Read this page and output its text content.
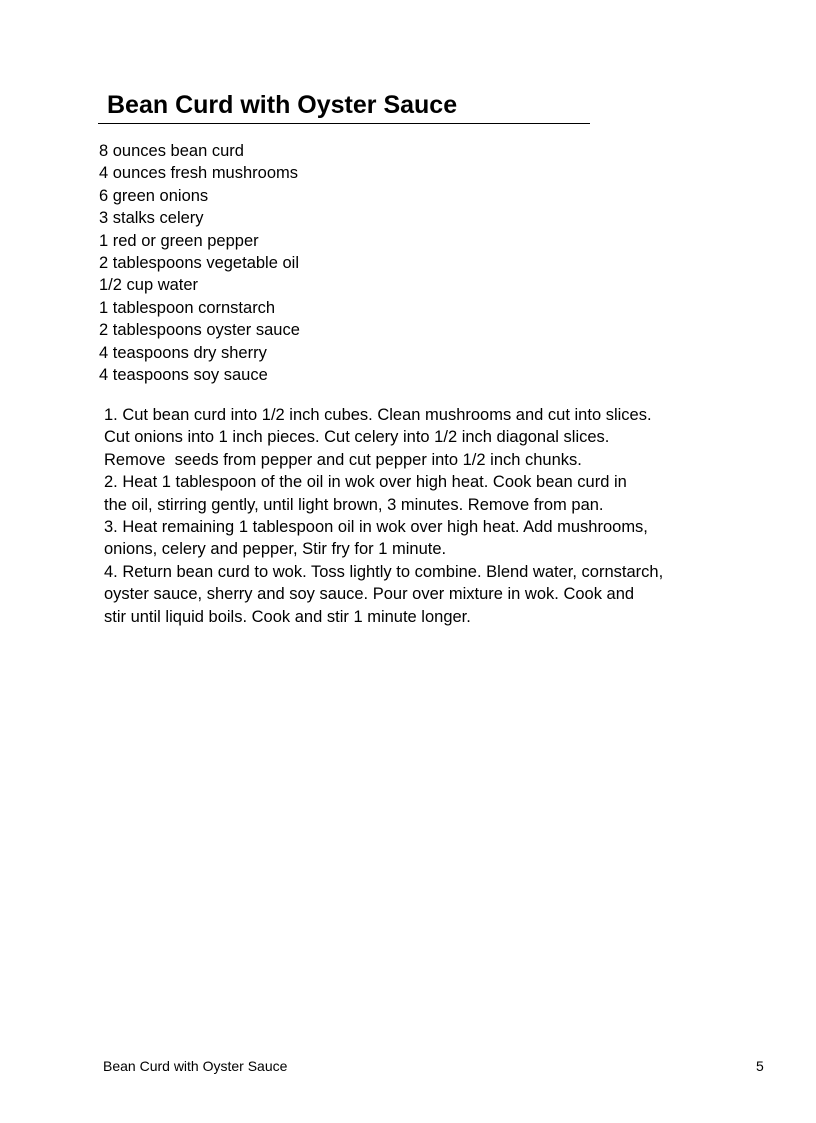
Bean Curd with Oyster Sauce
8 ounces bean curd
4 ounces fresh mushrooms
6 green onions
3 stalks celery
1 red or green pepper
2 tablespoons vegetable oil
1/2 cup water
1 tablespoon cornstarch
2 tablespoons oyster sauce
4 teaspoons dry sherry
4 teaspoons soy sauce
1. Cut bean curd into 1/2 inch cubes. Clean mushrooms and cut into slices.
Cut onions into 1 inch pieces. Cut celery into 1/2 inch diagonal slices.
Remove  seeds from pepper and cut pepper into 1/2 inch chunks.
2. Heat 1 tablespoon of the oil in wok over high heat. Cook bean curd in
the oil, stirring gently, until light brown, 3 minutes. Remove from pan.
3. Heat remaining 1 tablespoon oil in wok over high heat. Add mushrooms,
onions, celery and pepper, Stir fry for 1 minute.
4. Return bean curd to wok. Toss lightly to combine. Blend water, cornstarch,
oyster sauce, sherry and soy sauce. Pour over mixture in wok. Cook and
stir until liquid boils. Cook and stir 1 minute longer.
Bean Curd with Oyster Sauce	5
